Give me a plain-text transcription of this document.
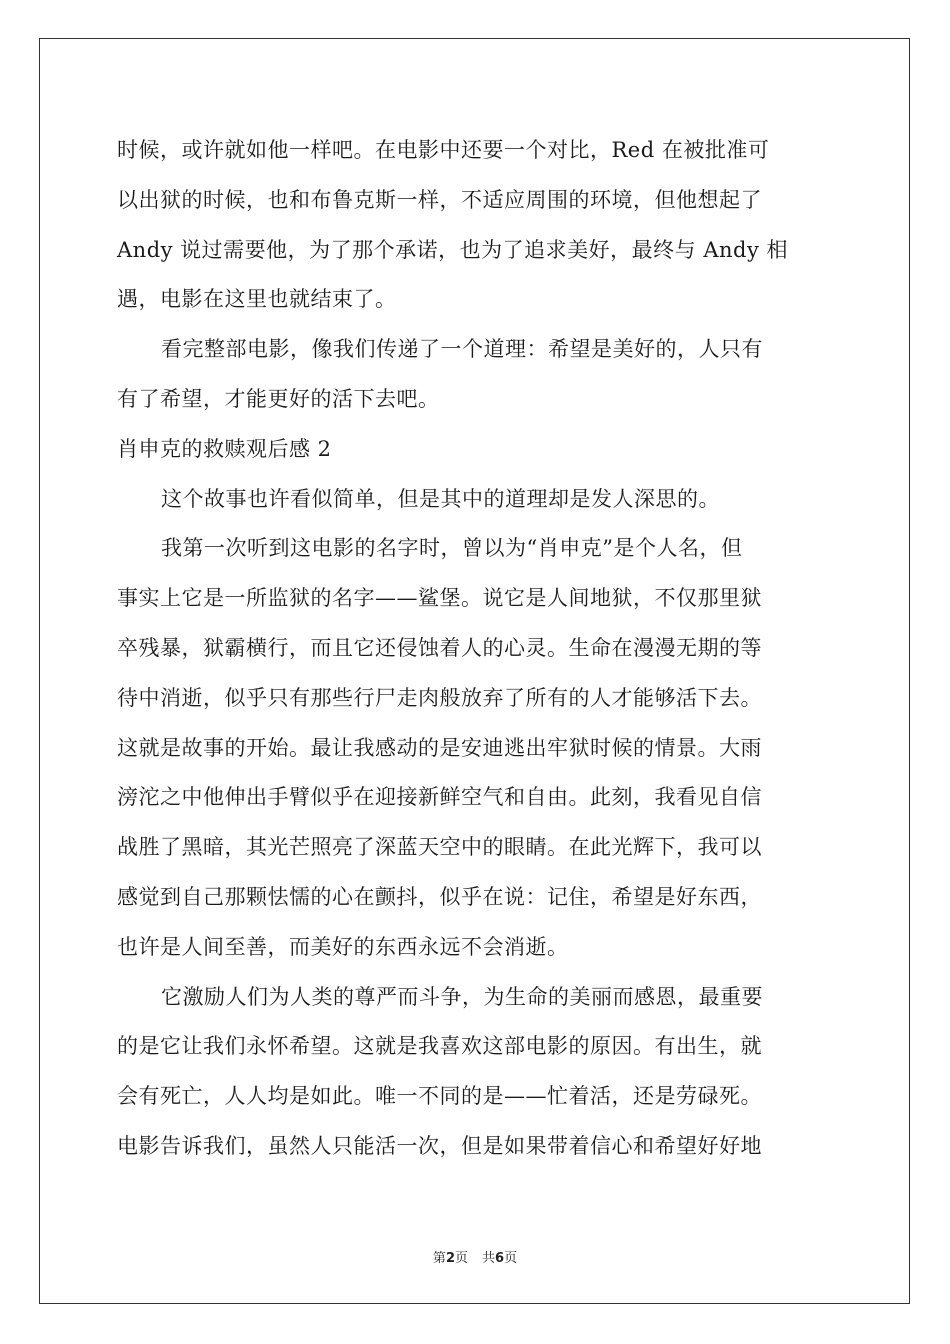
时候，或许就如他一样吧。在电影中还要一个对比，Red 在被批准可
以出狱的时候，也和布鲁克斯一样，不适应周围的环境，但他想起了
Andy 说过需要他，为了那个承诺，也为了追求美好，最终与 Andy 相
遇，电影在这里也就结束了。
看完整部电影，像我们传递了一个道理：希望是美好的，人只有
有了希望，才能更好的活下去吧。
肖申克的救赎观后感 2
这个故事也许看似简单，但是其中的道理却是发人深思的。
我第一次听到这电影的名字时，曾以为“肖申克”是个人名，但
事实上它是一所监狱的名字——鲨堡。说它是人间地狱，不仅那里狱
卒残暴，狱霸横行，而且它还侵蚀着人的心灵。生命在漫漫无期的等
待中消逝，似乎只有那些行尸走肉般放弃了所有的人才能够活下去。
这就是故事的开始。最让我感动的是安迪逃出牢狱时候的情景。大雨
滂沱之中他伸出手臂似乎在迎接新鲜空气和自由。此刻，我看见自信
战胜了黑暗，其光芒照亮了深蓝天空中的眼睛。在此光辉下，我可以
感觉到自己那颗怯懦的心在颤抖，似乎在说：记住，希望是好东西，
也许是人间至善，而美好的东西永远不会消逝。
它激励人们为人类的尊严而斗争，为生命的美丽而感恩，最重要
的是它让我们永怀希望。这就是我喜欢这部电影的原因。有出生，就
会有死亡，人人均是如此。唯一不同的是——忙着活，还是劳碌死。
电影告诉我们，虽然人只能活一次，但是如果带着信心和希望好好地
第2页 共6页
